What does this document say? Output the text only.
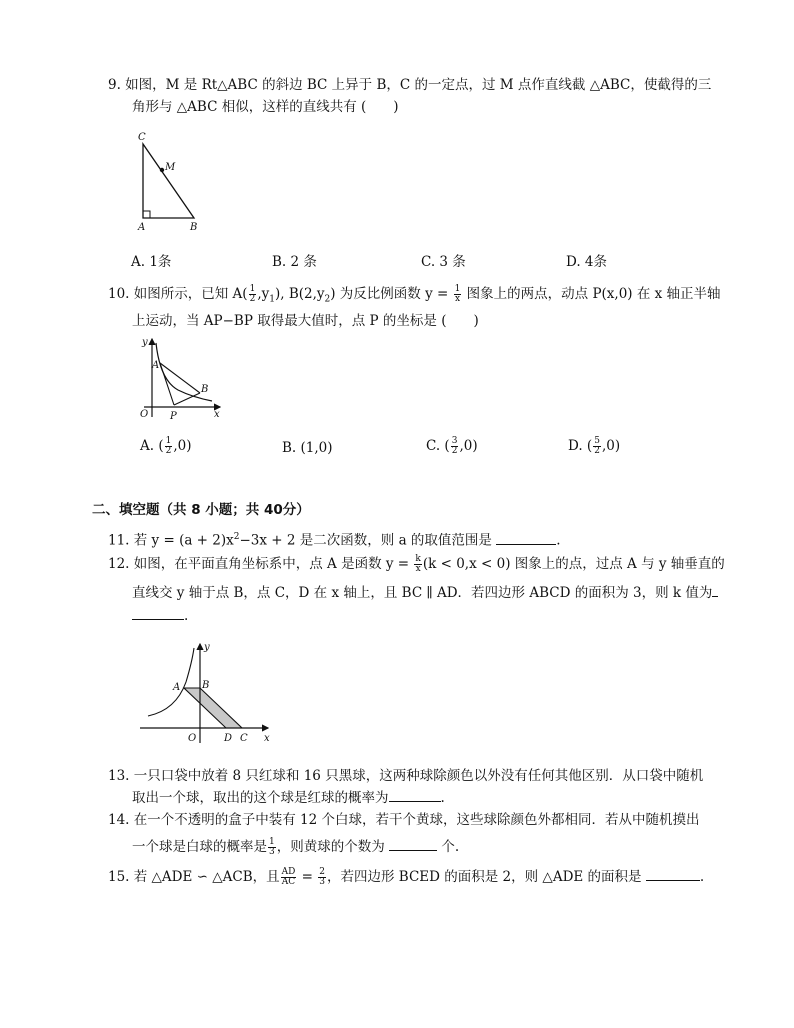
9. 如图，M 是 Rt△ABC 的斜边 BC 上异于 B，C 的一定点，过 M 点作直线截 △ABC，使截得的三
角形与 △ABC 相似，这样的直线共有 (　　)
C
M
A	B
A. 1条	B. 2 条	C. 3 条	D. 4条
10. 如图所示，已知 $A( \frac{1}{2} ,y_1)$, $B(2,y_2)$ 为反比例函数 $y = \frac{1}{x}$ 图象上的两点，动点 P(x,0) 在 x 轴正半轴
上运动，当 AP−BP 取得最大值时，点 P 的坐标是 (　　)
y
A
B
O P	x
A. ( $\frac{1}{2} ,0$)	B. (1,0)	C. ( $\frac{3}{2} ,0$)	D. ( $\frac{5}{2} ,0$)
二、填空题（共 8 小题；共 40分）
11. 若 $y = (a + 2)x^2-3x + 2$ 是二次函数，则 a 的取值范围是	.
12. 如图，在平面直角坐标系中，点 A 是函数 $y = \frac{k}{x} (k < 0,x < 0)$ 图象上的点，过点 A 与 y 轴垂直的
直线交 y 轴于点 B，点 C，D 在 x 轴上，且 BC ∥ AD．若四边形 ABCD 的面积为 3，则 k 值为
.
y
A B
O	D C x
13. 一只口袋中放着 8 只红球和 16 只黑球，这两种球除颜色以外没有任何其他区别．从口袋中随机
取出一个球，取出的这个球是红球的概率为	.
14. 在一个不透明的盒子中装有 12 个白球，若干个黄球，这些球除颜色外都相同．若从中随机摸出
一个球是白球的概率是 $\frac{1}{3}$ ，则黄球的个数为	个.
15. 若 △ADE ∽ △ACB，且 $\frac{AD}{AC} = \frac{2}{3}$ ，若四边形 BCED 的面积是 2，则 △ADE 的面积是	.
